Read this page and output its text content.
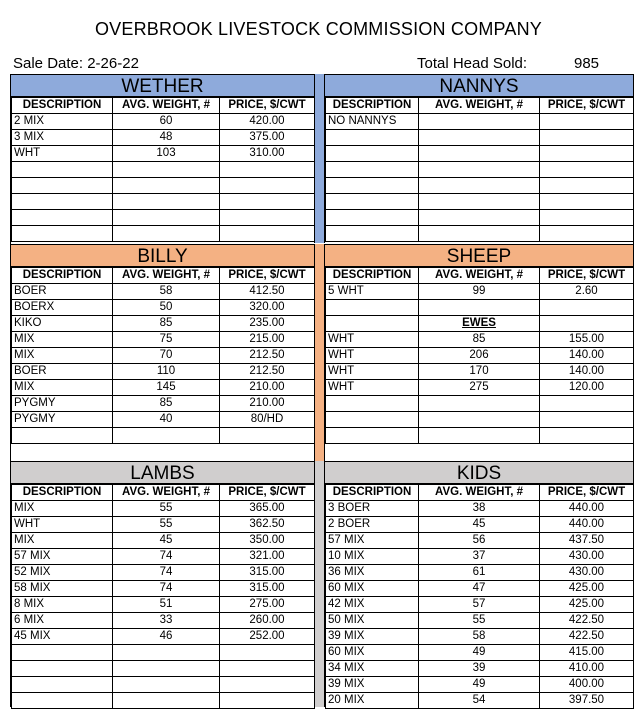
OVERBROOK LIVESTOCK COMMISSION COMPANY
Sale Date: 2-26-22	Total Head Sold:	985
WETHER	NANNYS
DESCRIPTION	AVG. WEIGHT, #	PRICE, $/CWT
2 MIX	60	420.00
3 MIX	48	375.00
WHT	103	310.00

DESCRIPTION	AVG. WEIGHT, #	PRICE, $/CWT
NO NANNYS		

BILLY	SHEEP
DESCRIPTION	AVG. WEIGHT, #	PRICE, $/CWT
BOER	58	412.50
BOERX	50	320.00
KIKO	85	235.00
MIX	75	215.00
MIX	70	212.50
BOER	110	212.50
MIX	145	210.00
PYGMY	85	210.00
PYGMY	40	80/HD

DESCRIPTION	AVG. WEIGHT, #	PRICE, $/CWT
5 WHT	99	2.60

	EWES	
WHT	85	155.00
WHT	206	140.00
WHT	170	140.00
WHT	275	120.00

LAMBS	KIDS
DESCRIPTION	AVG. WEIGHT, #	PRICE, $/CWT
MIX	55	365.00
WHT	55	362.50
MIX	45	350.00
57 MIX	74	321.00
52 MIX	74	315.00
58 MIX	74	315.00
8 MIX	51	275.00
6 MIX	33	260.00
45 MIX	46	252.00

DESCRIPTION	AVG. WEIGHT, #	PRICE, $/CWT
3 BOER	38	440.00
2 BOER	45	440.00
57 MIX	56	437.50
10 MIX	37	430.00
36 MIX	61	430.00
60 MIX	47	425.00
42 MIX	57	425.00
50 MIX	55	422.50
39 MIX	58	422.50
60 MIX	49	415.00
34 MIX	39	410.00
39 MIX	49	400.00
20 MIX	54	397.50
